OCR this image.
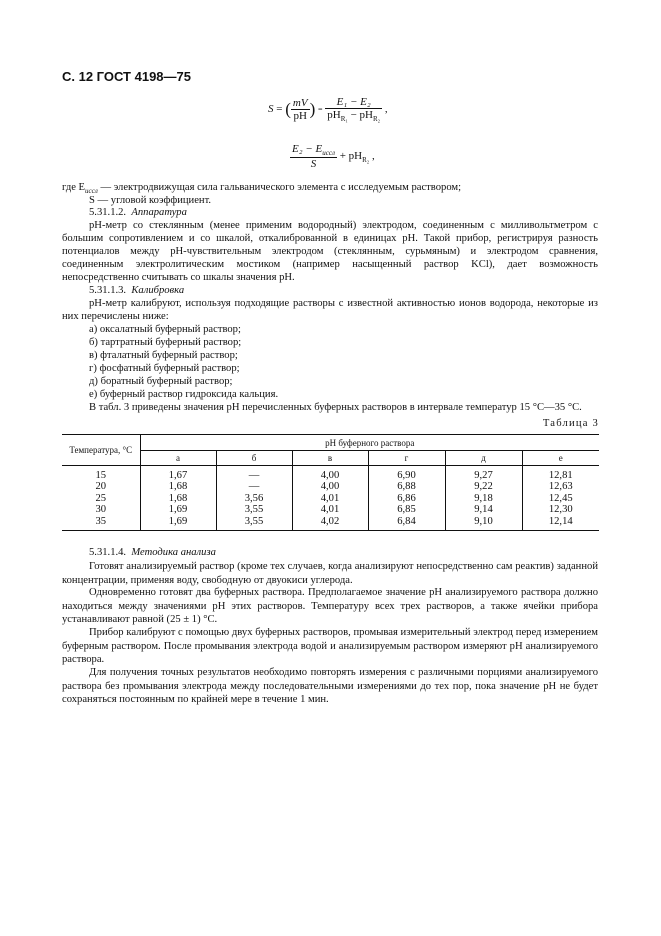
С. 12 ГОСТ 4198—75
S = ( $\frac{mV}{pH}$ ) = $\frac{\text{E₁ − E₂}}{pH_{R_1} - pH_{R_2}}$ ,
$\frac{E_2 - E_{иссл}}{S} + pH_{R_2}$ ,
где $E_{иссл}$ — электродвижущая сила гальванического элемента с исследуемым раствором;
S — угловой коэффициент.
5.31.1.2. Аппаратура
рН-метр со стеклянным (менее применим водородный) электродом, соединенным с милливольтметром с большим сопротивлением и со шкалой, откалиброванной в единицах рН. Такой прибор, регистрируя разность потенциалов между рН-чувствительным электродом (стеклянным, сурьмяным) и электродом сравнения, соединенным электролитическим мостиком (например насыщенный раствор KCl), дает возможность непосредственно считывать со шкалы значения рН.
5.31.1.3. Калибровка
рН-метр калибруют, используя подходящие растворы с известной активностью ионов водорода, некоторые из них перечислены ниже:
а) оксалатный буферный раствор;
б) тартратный буферный раствор;
в) фталатный буферный раствор;
г) фосфатный буферный раствор;
д) боратный буферный раствор;
е) буферный раствор гидроксида кальция.
В табл. 3 приведены значения рН перечисленных буферных растворов в интервале температур 15 °С—35 °С.
Таблица 3
Температура, °С	рН буферного раствора					
	а	б	в	г	д	е
15	1,67	—	4,00	6,90	9,27	12,81
20	1,68	—	4,00	6,88	9,22	12,63
25	1,68	3,56	4,01	6,86	9,18	12,45
30	1,69	3,55	4,01	6,85	9,14	12,30
35	1,69	3,55	4,02	6,84	9,10	12,14
5.31.1.4. Методика анализа
Готовят анализируемый раствор (кроме тех случаев, когда анализируют непосредственно сам реактив) заданной концентрации, применяя воду, свободную от двуокиси углерода.
Одновременно готовят два буферных раствора. Предполагаемое значение рН анализируемого раствора должно находиться между значениями рН этих растворов. Температуру всех трех растворов, а также ячейки прибора устанавливают равной (25 ± 1) °С.
Прибор калибруют с помощью двух буферных растворов, промывая измерительный электрод перед измерением буферным раствором. После промывания электрода водой и анализируемым раствором измеряют рН анализируемого раствора.
Для получения точных результатов необходимо повторять измерения с различными порциями анализируемого раствора без промывания электрода между последовательными измерениями до тех пор, пока значение рН не будет сохраняться постоянным по крайней мере в течение 1 мин.
